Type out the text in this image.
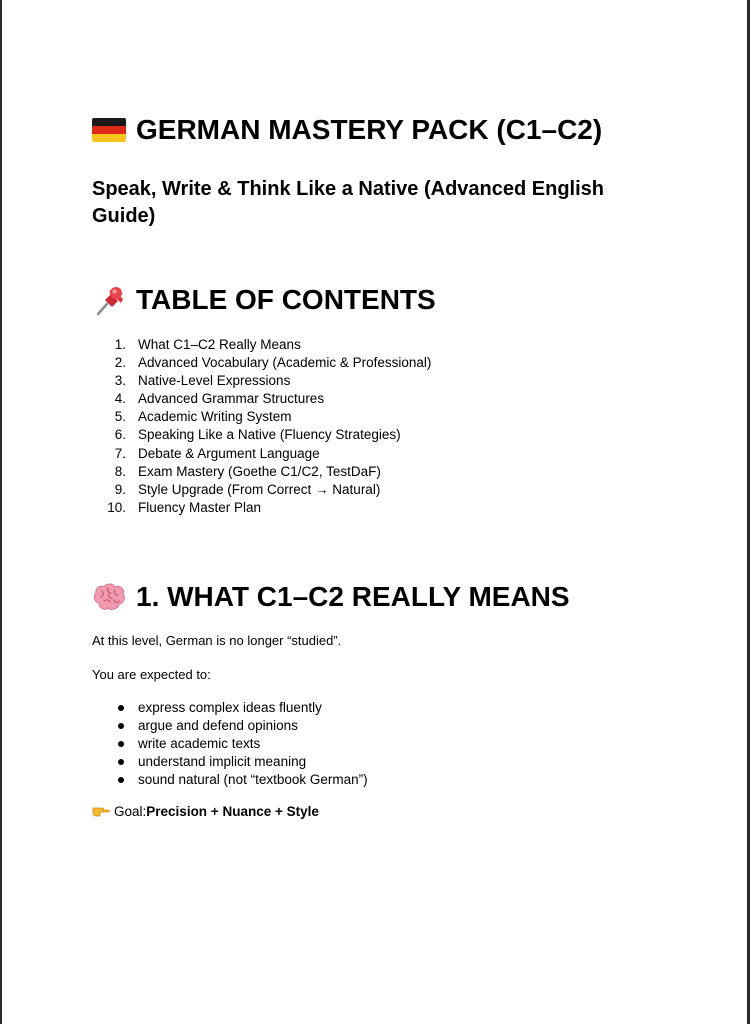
GERMAN MASTERY PACK (C1–C2)
Speak, Write & Think Like a Native (Advanced English Guide)
TABLE OF CONTENTS
1. What C1–C2 Really Means
2. Advanced Vocabulary (Academic & Professional)
3. Native-Level Expressions
4. Advanced Grammar Structures
5. Academic Writing System
6. Speaking Like a Native (Fluency Strategies)
7. Debate & Argument Language
8. Exam Mastery (Goethe C1/C2, TestDaF)
9. Style Upgrade (From Correct → Natural)
10. Fluency Master Plan
1. WHAT C1–C2 REALLY MEANS

At this level, German is no longer “studied”.

You are expected to:

express complex ideas fluently
argue and defend opinions
write academic texts
understand implicit meaning
sound natural (not “textbook German”)

Goal: Precision + Nuance + Style
